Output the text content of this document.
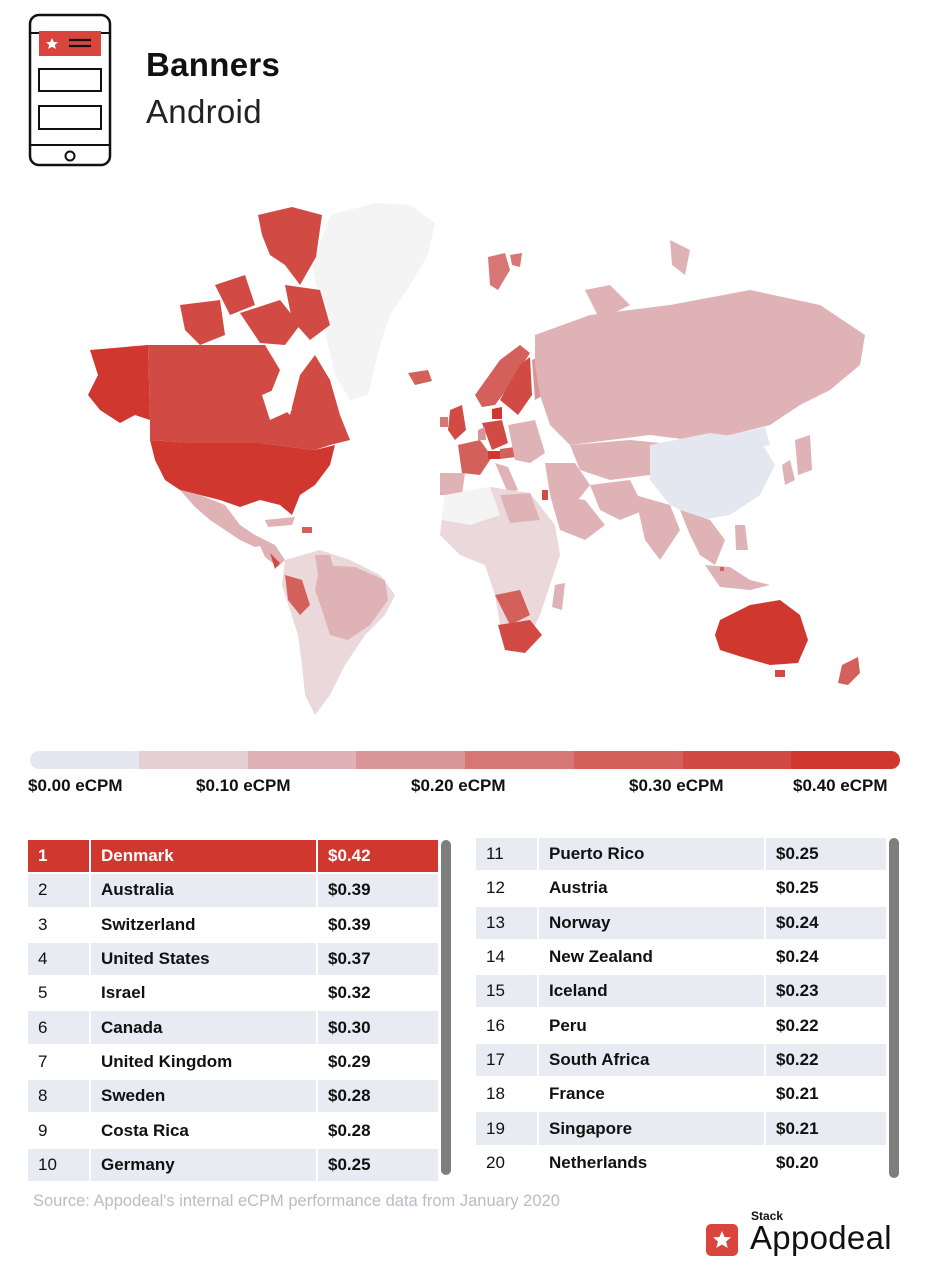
Banners
Android
$0.00 eCPM	$0.10 eCPM	$0.20 eCPM	$0.30 eCPM	$0.40 eCPM
1	Denmark	$0.42
2	Australia	$0.39
3	Switzerland	$0.39
4	United States	$0.37
5	Israel	$0.32
6	Canada	$0.30
7	United Kingdom	$0.29
8	Sweden	$0.28
9	Costa Rica	$0.28
10	Germany	$0.25
11	Puerto Rico	$0.25
12	Austria	$0.25
13	Norway	$0.24
14	New Zealand	$0.24
15	Iceland	$0.23
16	Peru	$0.22
17	South Africa	$0.22
18	France	$0.21
19	Singapore	$0.21
20	Netherlands	$0.20
Source: Appodeal's internal eCPM performance data from January 2020
Stack
Appodeal
